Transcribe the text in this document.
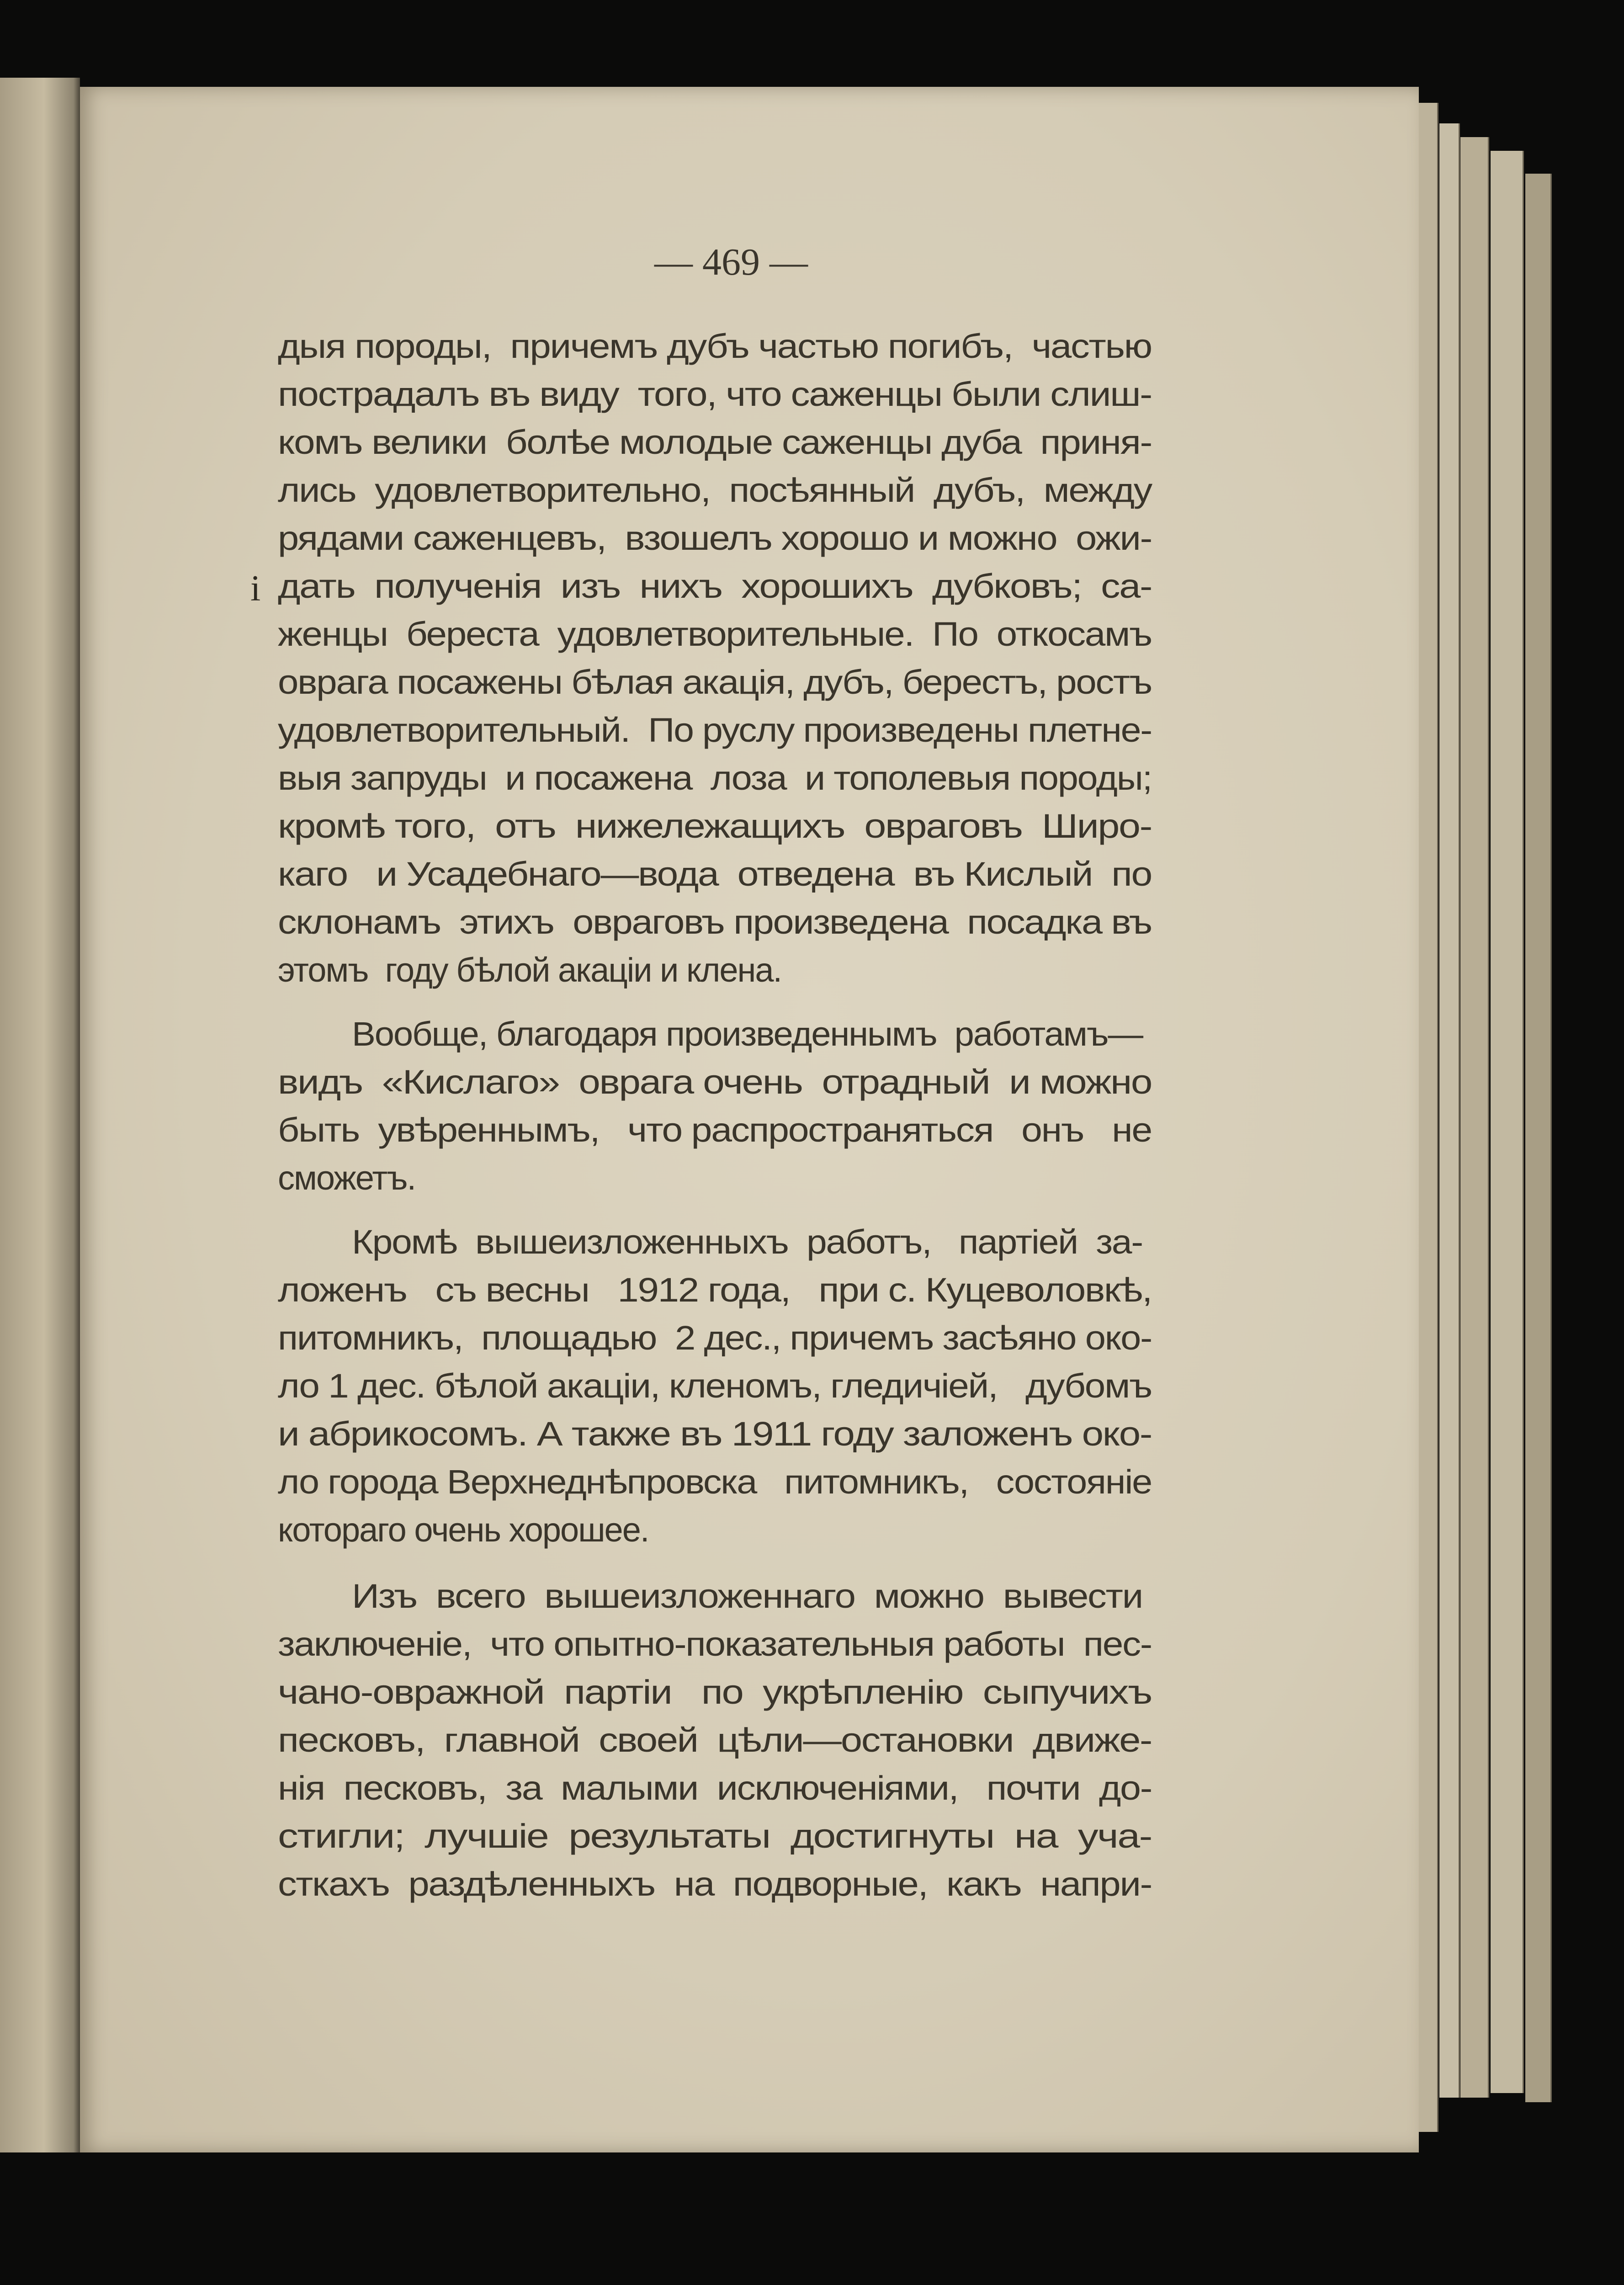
— 469 —
і

дыя породы,  причемъ дубъ частью погибъ,  частью

пострадалъ въ виду  того, что саженцы были слиш-

комъ велики  болѣе молодые саженцы дуба  приня-

лись  удовлетворительно,  посѣянный  дубъ,  между

рядами саженцевъ,  взошелъ хорошо и можно  ожи-

дать  полученія  изъ  нихъ  хорошихъ  дубковъ;  са-

женцы  береста  удовлетворительные.  По  откосамъ

оврага посажены бѣлая акація, дубъ, берестъ, ростъ

удовлетворительный.  По руслу произведены плетне-

выя запруды  и посажена  лоза  и тополевыя породы;

кромѣ того,  отъ  нижележащихъ  овраговъ  Широ-

каго   и Усадебнаго—вода  отведена  въ Кислый  по

склонамъ  этихъ  овраговъ произведена  посадка въ

этомъ  году бѣлой акаціи и клена.

Вообще, благодаря произведеннымъ  работамъ—

видъ  «Кислаго»  оврага очень  отрадный  и можно

быть  увѣреннымъ,   что распространяться   онъ   не

сможетъ.

Кромѣ  вышеизложенныхъ  работъ,   партіей  за-

ложенъ   съ весны   1912 года,   при с. Куцеволовкѣ,

питомникъ,  площадью  2 дес., причемъ засѣяно око-

ло 1 дес. бѣлой акаціи, кленомъ, гледичіей,   дубомъ

и абрикосомъ. А также въ 1911 году заложенъ око-

ло города Верхнеднѣпровска   питомникъ,   состояніе

котораго очень хорошее.

Изъ  всего  вышеизложеннаго  можно  вывести

заключеніе,  что опытно-показательныя работы  пес-

чано-овражной  партіи   по  укрѣпленію  сыпучихъ

песковъ,  главной  своей  цѣли—остановки  движе-

нія  песковъ,  за  малыми  исключеніями,   почти  до-

стигли;  лучшіе  результаты  достигнуты  на  уча-

сткахъ  раздѣленныхъ  на  подворные,  какъ  напри-
